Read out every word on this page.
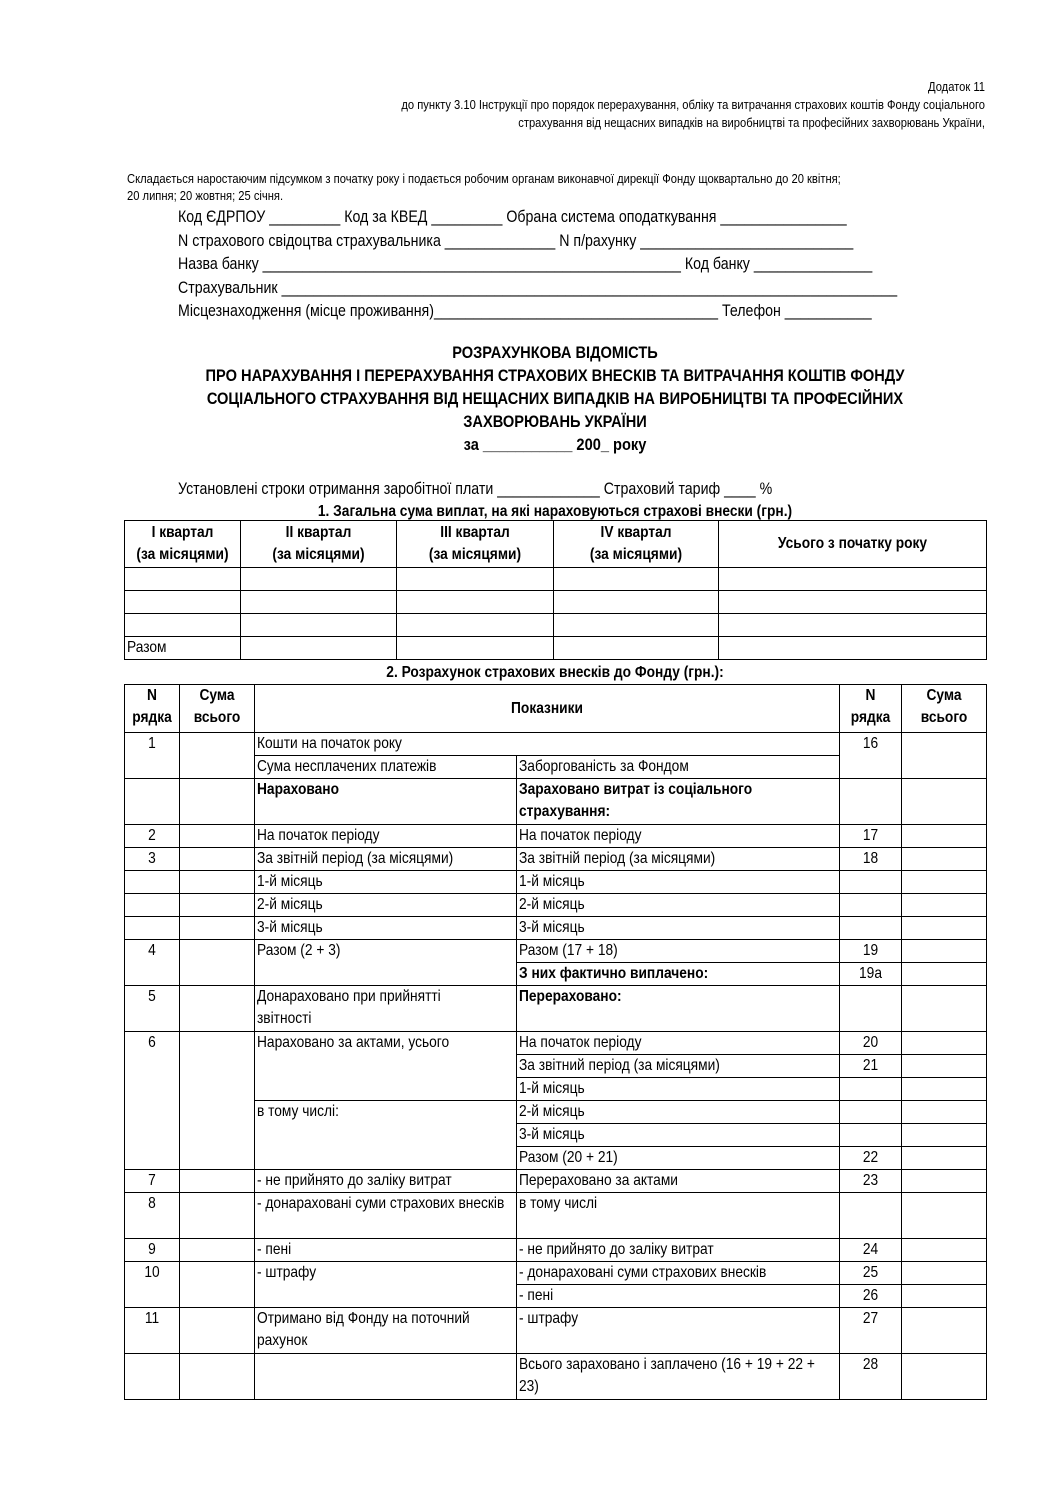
Додаток 11
до пункту 3.10 Інструкції про порядок перерахування, обліку та витрачання страхових коштів Фонду соціального
страхування від нещасних випадків на виробництві та професійних захворювань України,
Складається наростаючим підсумком з початку року і подається робочим органам виконавчої дирекції Фонду щоквартально до 20 квітня;
20 липня; 20 жовтня; 25 січня.
Код ЄДРПОУ _________ Код за КВЕД _________ Обрана система оподаткування ________________
N страхового свідоцтва страхувальника ______________ N п/рахунку ___________________________
Назва банку _____________________________________________________ Код банку _______________
Страхувальник ______________________________________________________________________________
Місцезнаходження (місце проживання)____________________________________ Телефон ___________
РОЗРАХУНКОВА ВІДОМІСТЬ
ПРО НАРАХУВАННЯ І ПЕРЕРАХУВАННЯ СТРАХОВИХ ВНЕСКІВ ТА ВИТРАЧАННЯ КОШТІВ ФОНДУ
СОЦІАЛЬНОГО СТРАХУВАННЯ ВІД НЕЩАСНИХ ВИПАДКІВ НА ВИРОБНИЦТВІ ТА ПРОФЕСІЙНИХ
ЗАХВОРЮВАНЬ УКРАЇНИ
за ___________ 200_ року
Установлені строки отримання заробітної плати _____________ Страховий тариф ____ %
1. Загальна сума виплат, на які нараховуються страхові внески (грн.)
І квартал
(за місяцями)	ІІ квартал
(за місяцями)	ІІІ квартал
(за місяцями)	IV квартал
(за місяцями)	Усього з початку року

Разом				

2. Розрахунок страхових внесків до Фонду (грн.):
N
рядка	Сума
всього	Показники		N
рядка	Сума
всього

1		Кошти на початок року		16	

		Сума несплачених платежів	Заборгованість за Фондом		

		Нараховано	Зараховано витрат із соціального страхування:		

2		На початок періоду	На початок періоду	17	

3		За звітній період (за місяцями)	За звітній період (за місяцями)	18	

		1-й місяць	1-й місяць		

		2-й місяць	2-й місяць		

		3-й місяць	3-й місяць		

4		Разом (2 + 3)	Разом (17 + 18)	19	

			З них фактично виплачено:	19а	

5		Донараховано при прийнятті звітності	Перераховано:		

6		Нараховано за актами, усього	На початок періоду	20	

			За звітний період (за місяцями)	21	

			1-й місяць		

		в тому числі:	2-й місяць		

			3-й місяць		

			Разом (20 + 21)	22	

7		- не прийнято до заліку витрат	Перераховано за актами	23	

8		- донараховані суми страхових внесків	в тому числі		

9		- пені	- не прийнято до заліку витрат	24	

10		- штрафу	- донараховані суми страхових внесків	25	

			- пені	26	

11		Отримано від Фонду на поточний рахунок	- штрафу	27	

			Всього зараховано і заплачено (16 + 19 + 22 + 23)	28	
